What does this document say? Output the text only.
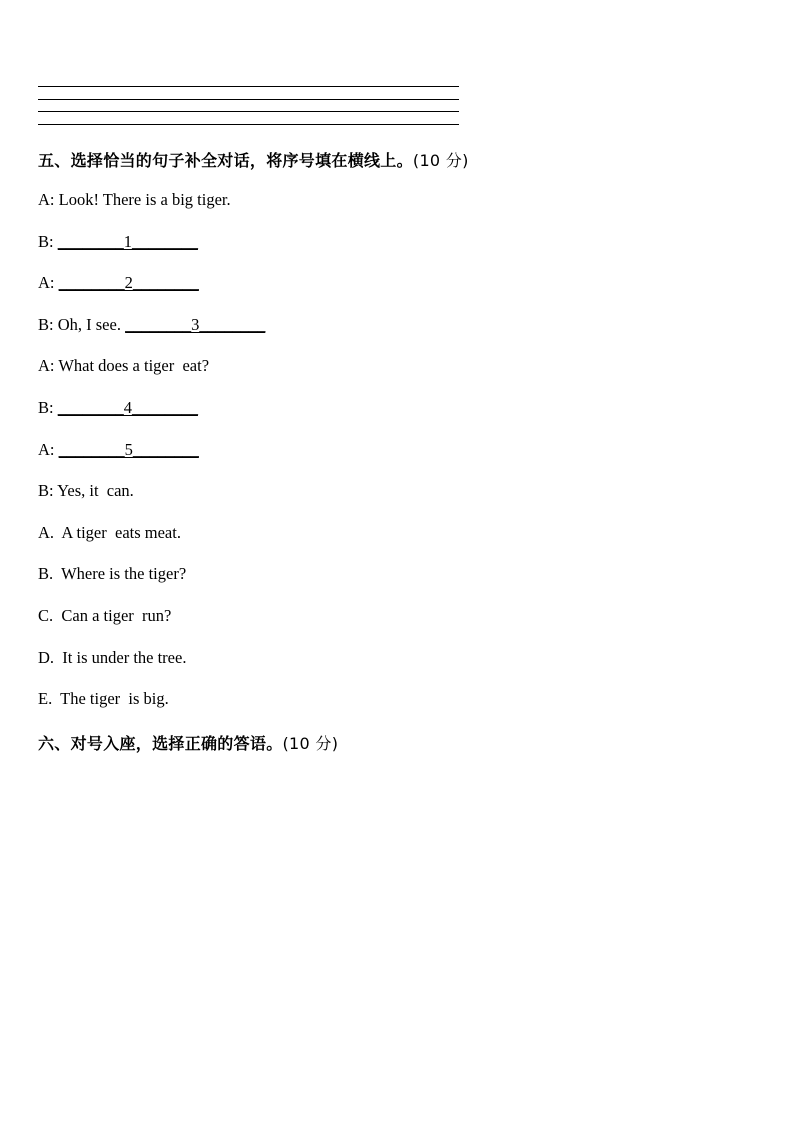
五、选择恰当的句子补全对话，将序号填在横线上。(10 分)
A: Look! There is a big tiger.
B: ________1________
A: ________2________
B: Oh, I see. ________3________
A: What does a tiger  eat?
B: ________4________
A: ________5________
B: Yes, it  can.
A.  A tiger  eats meat.
B.  Where is the tiger?
C.  Can a tiger  run?
D.  It is under the tree.
E.  The tiger  is big.
六、对号入座，选择正确的答语。(10 分)
